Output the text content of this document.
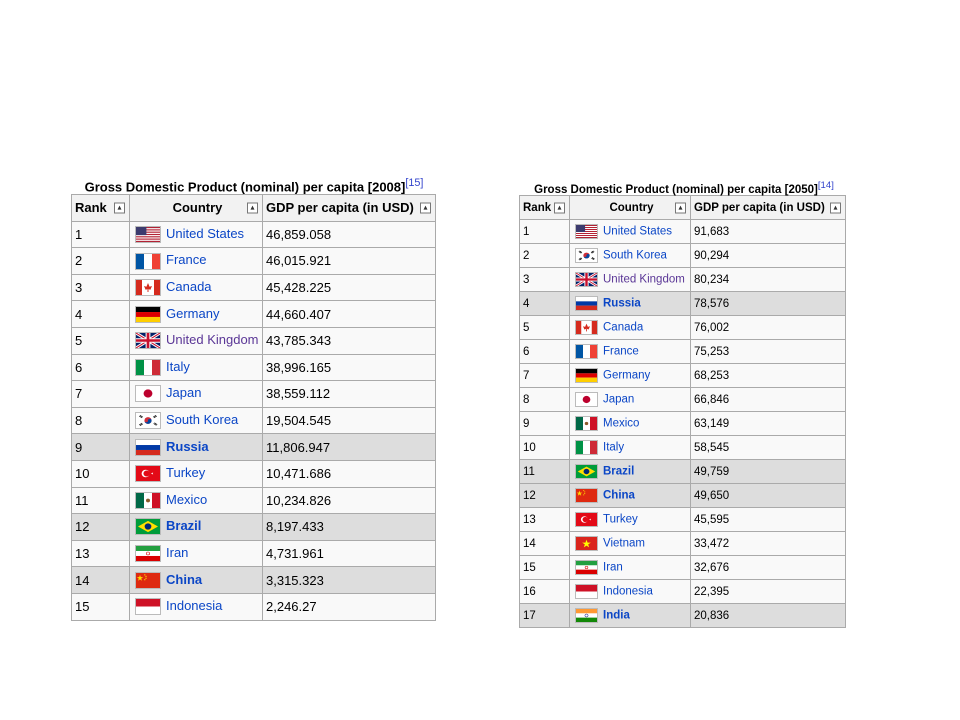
Gross Domestic Product (nominal) per capita [2008][15]
Rank ▴	Country ▴	GDP per capita (in USD) ▴

1	United States	46,859.058
2	France	46,015.921
3	Canada	45,428.225
4	Germany	44,660.407
5	United Kingdom	43,785.343
6	Italy	38,996.165
7	Japan	38,559.112
8	South Korea	19,504.545
9	Russia	11,806.947
10	Turkey	10,471.686
11	Mexico	10,234.826
12	Brazil	8,197.433
13	Iran	4,731.961
14	China	3,315.323
15	Indonesia	2,246.27
Gross Domestic Product (nominal) per capita [2050][14]
Rank ▴	Country ▴	GDP per capita (in USD) ▴

1	United States	91,683
2	South Korea	90,294
3	United Kingdom	80,234
4	Russia	78,576
5	Canada	76,002
6	France	75,253
7	Germany	68,253
8	Japan	66,846
9	Mexico	63,149
10	Italy	58,545
11	Brazil	49,759
12	China	49,650
13	Turkey	45,595
14	Vietnam	33,472
15	Iran	32,676
16	Indonesia	22,395
17	India	20,836
